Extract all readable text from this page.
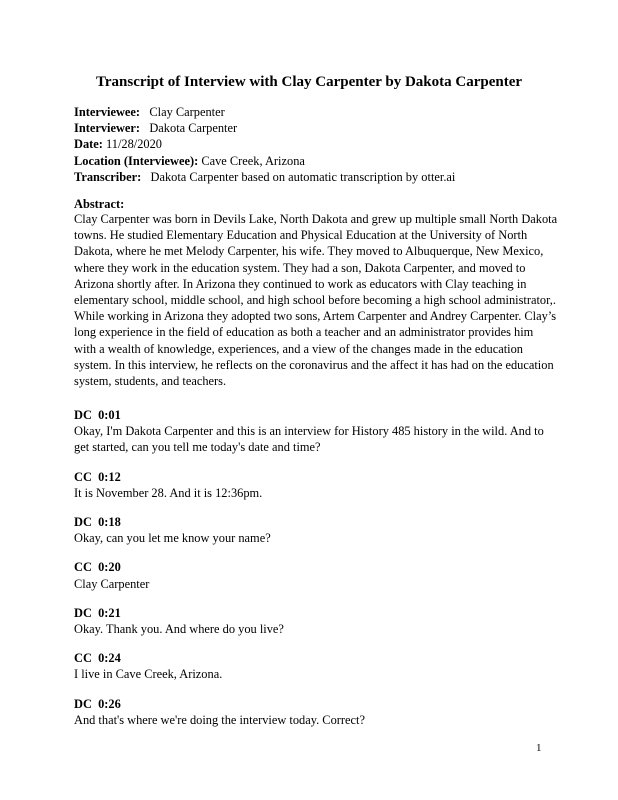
Transcript of Interview with Clay Carpenter by Dakota Carpenter
Interviewee: Clay Carpenter
Interviewer: Dakota Carpenter
Date: 11/28/2020
Location (Interviewee): Cave Creek, Arizona
Transcriber: Dakota Carpenter based on automatic transcription by otter.ai
Abstract:
Clay Carpenter was born in Devils Lake, North Dakota and grew up multiple small North Dakota
towns. He studied Elementary Education and Physical Education at the University of North
Dakota, where he met Melody Carpenter, his wife. They moved to Albuquerque, New Mexico,
where they work in the education system. They had a son, Dakota Carpenter, and moved to
Arizona shortly after. In Arizona they continued to work as educators with Clay teaching in
elementary school, middle school, and high school before becoming a high school administrator,.
While working in Arizona they adopted two sons, Artem Carpenter and Andrey Carpenter. Clay’s
long experience in the field of education as both a teacher and an administrator provides him
with a wealth of knowledge, experiences, and a view of the changes made in the education
system. In this interview, he reflects on the coronavirus and the affect it has had on the education
system, students, and teachers.
DC 0:01
Okay, I'm Dakota Carpenter and this is an interview for History 485 history in the wild. And to
get started, can you tell me today's date and time?
CC 0:12
It is November 28. And it is 12:36pm.
DC 0:18
Okay, can you let me know your name?
CC 0:20
Clay Carpenter
DC 0:21
Okay. Thank you. And where do you live?
CC 0:24
I live in Cave Creek, Arizona.
DC 0:26
And that's where we're doing the interview today. Correct?
1
